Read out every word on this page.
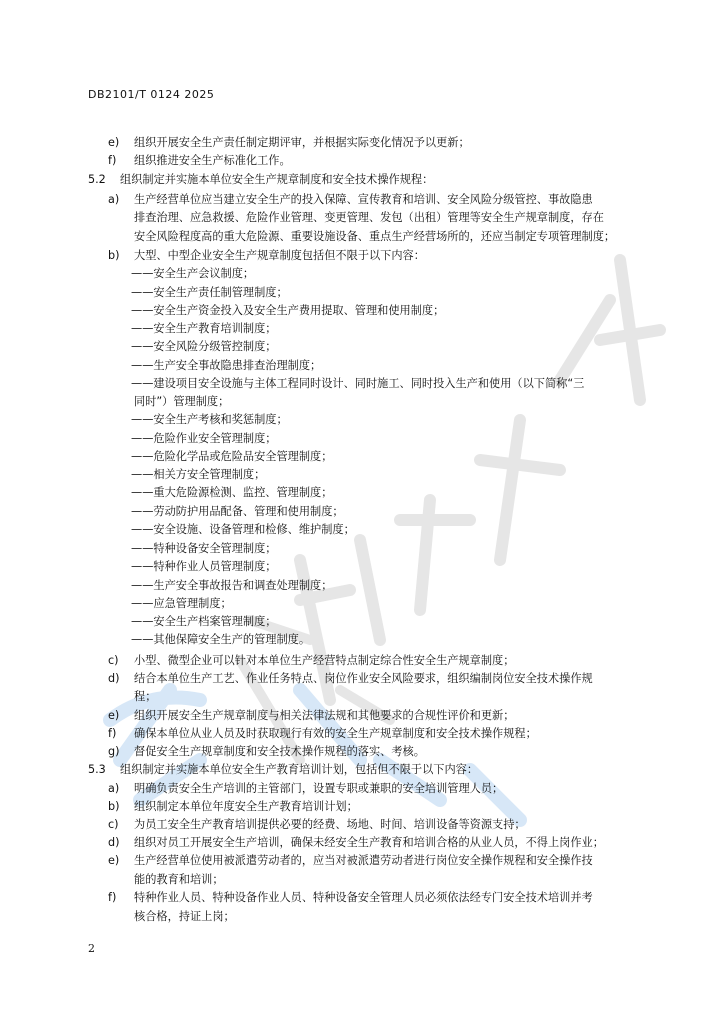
DB2101/T 0124 2025
e) 组织开展安全生产责任制定期评审，并根据实际变化情况予以更新；
f) 组织推进安全生产标准化工作。
5.2 组织制定并实施本单位安全生产规章制度和安全技术操作规程：
a) 生产经营单位应当建立安全生产的投入保障、宣传教育和培训、安全风险分级管控、事故隐患
排查治理、应急救援、危险作业管理、变更管理、发包（出租）管理等安全生产规章制度，存在
安全风险程度高的重大危险源、重要设施设备、重点生产经营场所的，还应当制定专项管理制度；
b) 大型、中型企业安全生产规章制度包括但不限于以下内容：
——安全生产会议制度；
——安全生产责任制管理制度；
——安全生产资金投入及安全生产费用提取、管理和使用制度；
——安全生产教育培训制度；
——安全风险分级管控制度；
——生产安全事故隐患排查治理制度；
——建设项目安全设施与主体工程同时设计、同时施工、同时投入生产和使用（以下简称“三
同时”）管理制度；
——安全生产考核和奖惩制度；
——危险作业安全管理制度；
——危险化学品或危险品安全管理制度；
——相关方安全管理制度；
——重大危险源检测、监控、管理制度；
——劳动防护用品配备、管理和使用制度；
——安全设施、设备管理和检修、维护制度；
——特种设备安全管理制度；
——特种作业人员管理制度；
——生产安全事故报告和调查处理制度；
——应急管理制度；
——安全生产档案管理制度；
——其他保障安全生产的管理制度。
c) 小型、微型企业可以针对本单位生产经营特点制定综合性安全生产规章制度；
d) 结合本单位生产工艺、作业任务特点、岗位作业安全风险要求，组织编制岗位安全技术操作规
程；
e) 组织开展安全生产规章制度与相关法律法规和其他要求的合规性评价和更新；
f) 确保本单位从业人员及时获取现行有效的安全生产规章制度和安全技术操作规程；
g) 督促安全生产规章制度和安全技术操作规程的落实、考核。
5.3 组织制定并实施本单位安全生产教育培训计划，包括但不限于以下内容：
a) 明确负责安全生产培训的主管部门，设置专职或兼职的安全培训管理人员；
b) 组织制定本单位年度安全生产教育培训计划；
c) 为员工安全生产教育培训提供必要的经费、场地、时间、培训设备等资源支持；
d) 组织对员工开展安全生产培训，确保未经安全生产教育和培训合格的从业人员，不得上岗作业；
e) 生产经营单位使用被派遣劳动者的，应当对被派遣劳动者进行岗位安全操作规程和安全操作技
能的教育和培训；
f) 特种作业人员、特种设备作业人员、特种设备安全管理人员必须依法经专门安全技术培训并考
核合格，持证上岗；
2
